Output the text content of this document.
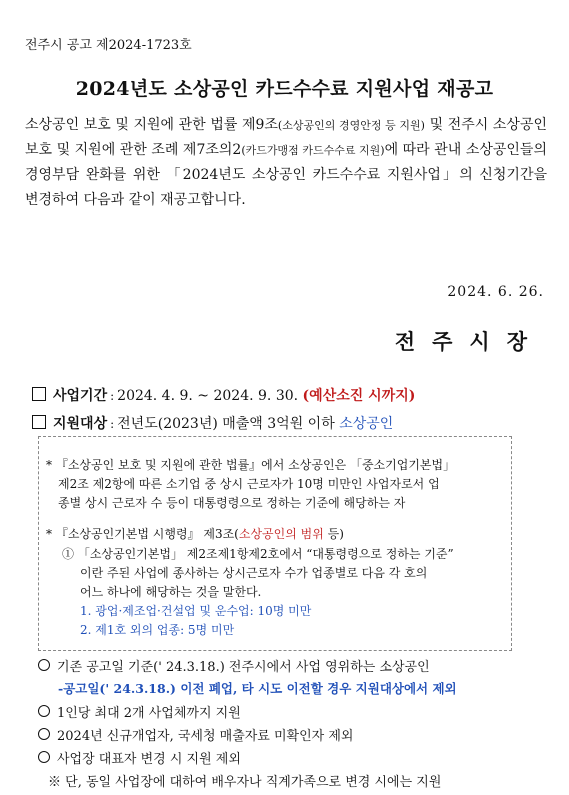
전주시 공고 제2024-1723호
2024년도 소상공인 카드수수료 지원사업 재공고
소상공인 보호 및 지원에 관한 법률 제9조(소상공인의 경영안정 등 지원) 및 전주시 소상공인 보호 및 지원에 관한 조례 제7조의2(카드가맹점 카드수수료 지원)에 따라 관내 소상공인들의 경영부담 완화를 위한 「2024년도 소상공인 카드수수료 지원사업」의 신청기간을 변경하여 다음과 같이 재공고합니다.
2024. 6. 26.
전주시장
사업기간 : 2024. 4. 9. ~ 2024. 9. 30. (예산소진 시까지)
지원대상 : 전년도(2023년) 매출액 3억원 이하 소상공인
* 『소상공인 보호 및 지원에 관한 법률』에서 소상공인은 「중소기업기본법」
제2조 제2항에 따른 소기업 중 상시 근로자가 10명 미만인 사업자로서 업
종별 상시 근로자 수 등이 대통령령으로 정하는 기준에 해당하는 자
* 『소상공인기본법 시행령』 제3조(소상공인의 범위 등)
① 「소상공인기본법」 제2조제1항제2호에서 “대통령령으로 정하는 기준”
이란 주된 사업에 종사하는 상시근로자 수가 업종별로 다음 각 호의
어느 하나에 해당하는 것을 말한다.
1. 광업·제조업·건설업 및 운수업: 10명 미만
2. 제1호 외의 업종: 5명 미만
기존 공고일 기준(' 24.3.18.) 전주시에서 사업 영위하는 소상공인
-공고일(' 24.3.18.) 이전 폐업, 타 시도 이전할 경우 지원대상에서 제외
1인당 최대 2개 사업체까지 지원
2024년 신규개업자, 국세청 매출자료 미확인자 제외
사업장 대표자 변경 시 지원 제외
※ 단, 동일 사업장에 대하여 배우자나 직계가족으로 변경 시에는 지원
